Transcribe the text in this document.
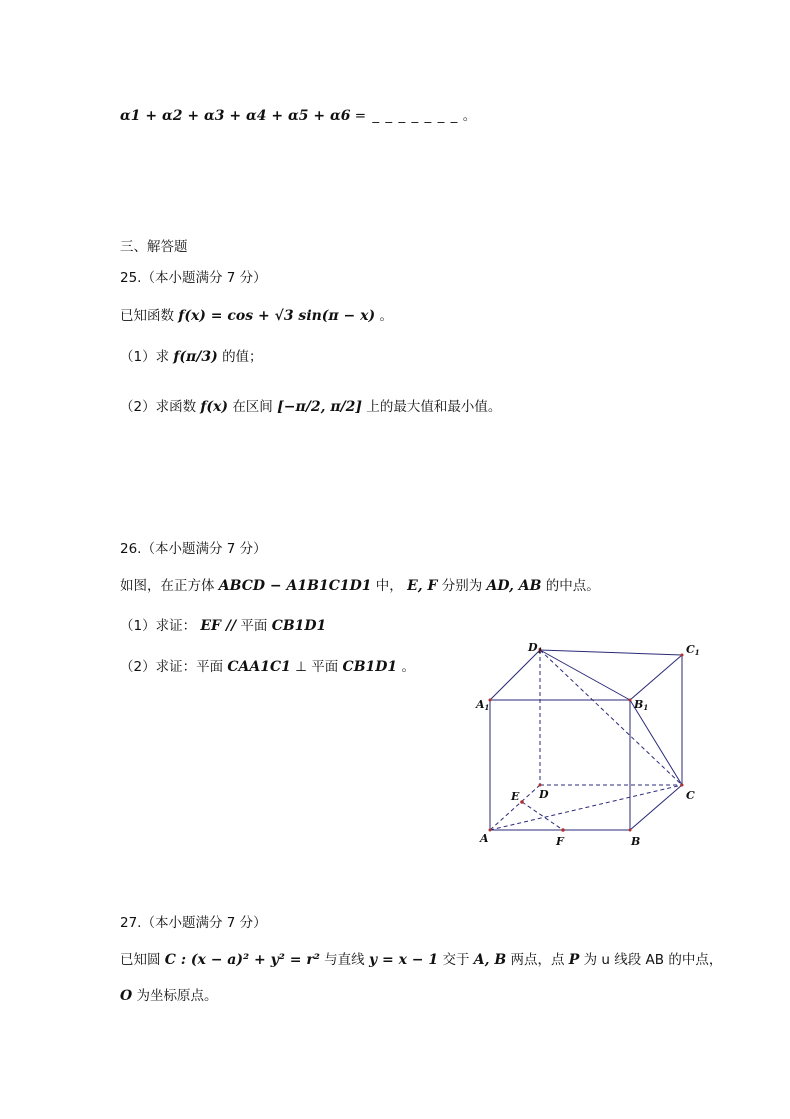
α1 + α2 + α3 + α4 + α5 + α6 = _ _ _ _ _ _ _ 。
三、解答题
25.（本小题满分 7 分）
已知函数 f(x) = cos + √3 sin(π − x) 。
（1）求 f(π/3) 的值；
（2）求函数 f(x) 在区间 [−π/2, π/2] 上的最大值和最小值。
26.（本小题满分 7 分）
如图，在正方体 ABCD − A1B1C1D1 中， E, F 分别为 AD, AB 的中点。
（1）求证： EF // 平面 CB1D1
（2）求证：平面 CAA1C1 ⊥ 平面 CB1D1 。
D1	C1
A1	B1
D	C
E
A	F	B
27.（本小题满分 7 分）
已知圆 C : (x − a)² + y² = r² 与直线 y = x − 1 交于 A, B 两点，点 P 为 u 线段 AB 的中点，
O 为坐标原点。
